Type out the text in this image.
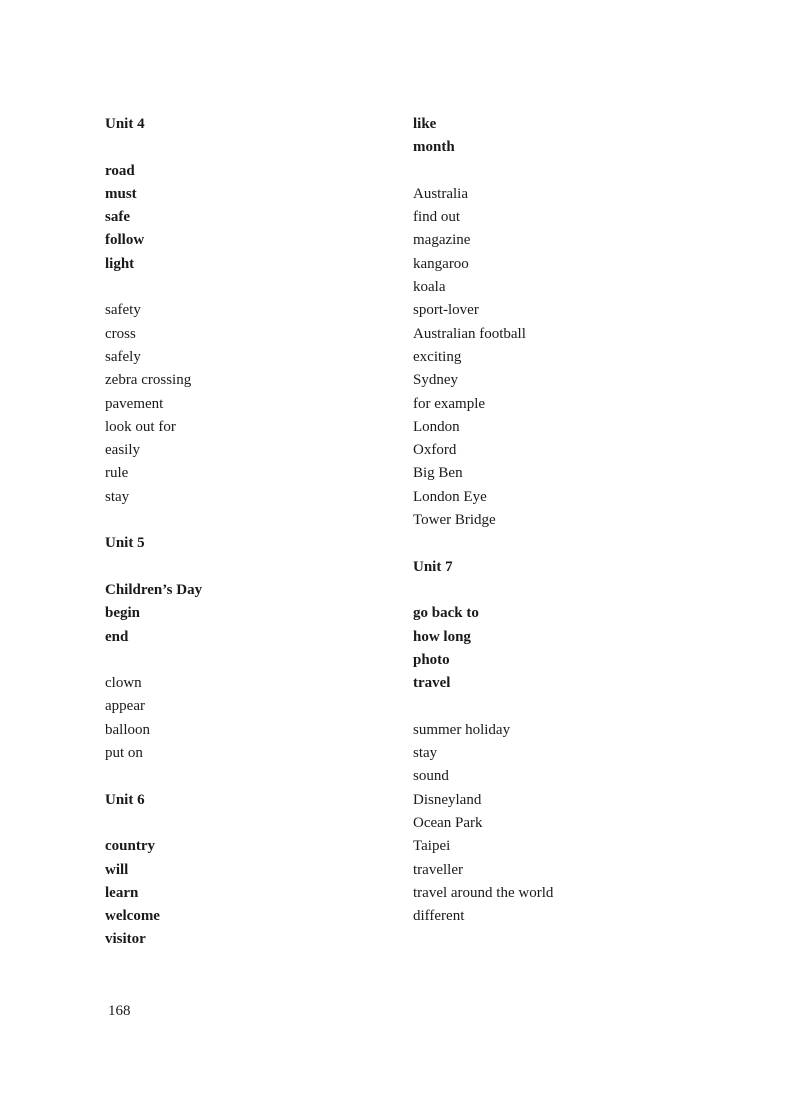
Unit 4
road
must
safe
follow
light
safety
cross
safely
zebra crossing
pavement
look out for
easily
rule
stay
Unit 5
Children’s Day
begin
end
clown
appear
balloon
put on
Unit 6
country
will
learn
welcome
visitor
like
month
Australia
find out
magazine
kangaroo
koala
sport-lover
Australian football
exciting
Sydney
for example
London
Oxford
Big Ben
London Eye
Tower Bridge
Unit 7
go back to
how long
photo
travel
summer holiday
stay
sound
Disneyland
Ocean Park
Taipei
traveller
travel around the world
different
168
